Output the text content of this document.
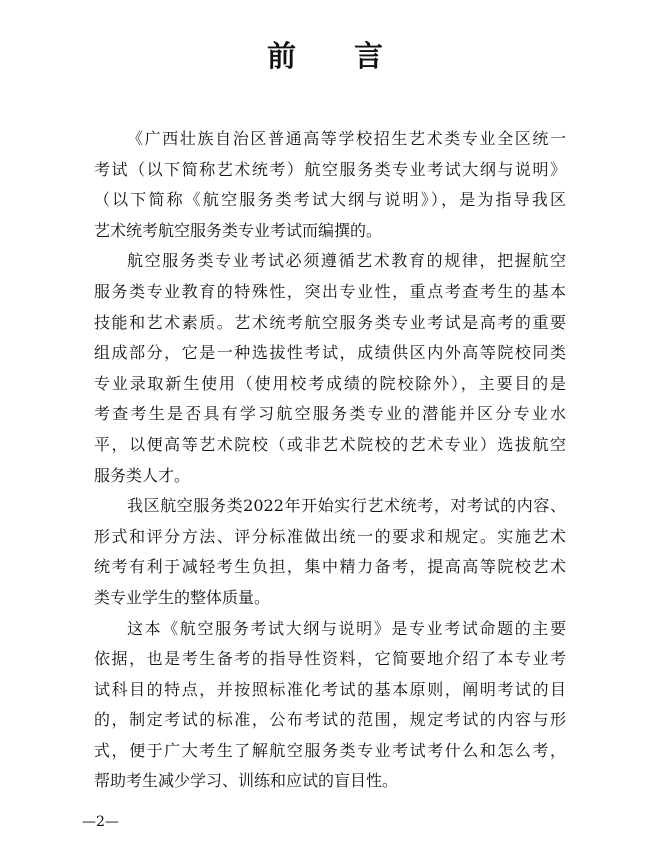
前 言
《广西壮族自治区普通高等学校招生艺术类专业全区统一
考试（以下简称艺术统考）航空服务类专业考试大纲与说明》
（以下简称《航空服务类考试大纲与说明》），是为指导我区
艺术统考航空服务类专业考试而编撰的。
航空服务类专业考试必须遵循艺术教育的规律，把握航空
服务类专业教育的特殊性，突出专业性，重点考查考生的基本
技能和艺术素质。艺术统考航空服务类专业考试是高考的重要
组成部分，它是一种选拔性考试，成绩供区内外高等院校同类
专业录取新生使用（使用校考成绩的院校除外），主要目的是
考查考生是否具有学习航空服务类专业的潜能并区分专业水
平，以便高等艺术院校（或非艺术院校的艺术专业）选拔航空
服务类人才。
我区航空服务类2022年开始实行艺术统考，对考试的内容、
形式和评分方法、评分标准做出统一的要求和规定。实施艺术
统考有利于减轻考生负担，集中精力备考，提高高等院校艺术
类专业学生的整体质量。
这本《航空服务考试大纲与说明》是专业考试命题的主要
依据，也是考生备考的指导性资料，它简要地介绍了本专业考
试科目的特点，并按照标准化考试的基本原则，阐明考试的目
的，制定考试的标准，公布考试的范围，规定考试的内容与形
式，便于广大考生了解航空服务类专业考试考什么和怎么考，
帮助考生减少学习、训练和应试的盲目性。
—2—
